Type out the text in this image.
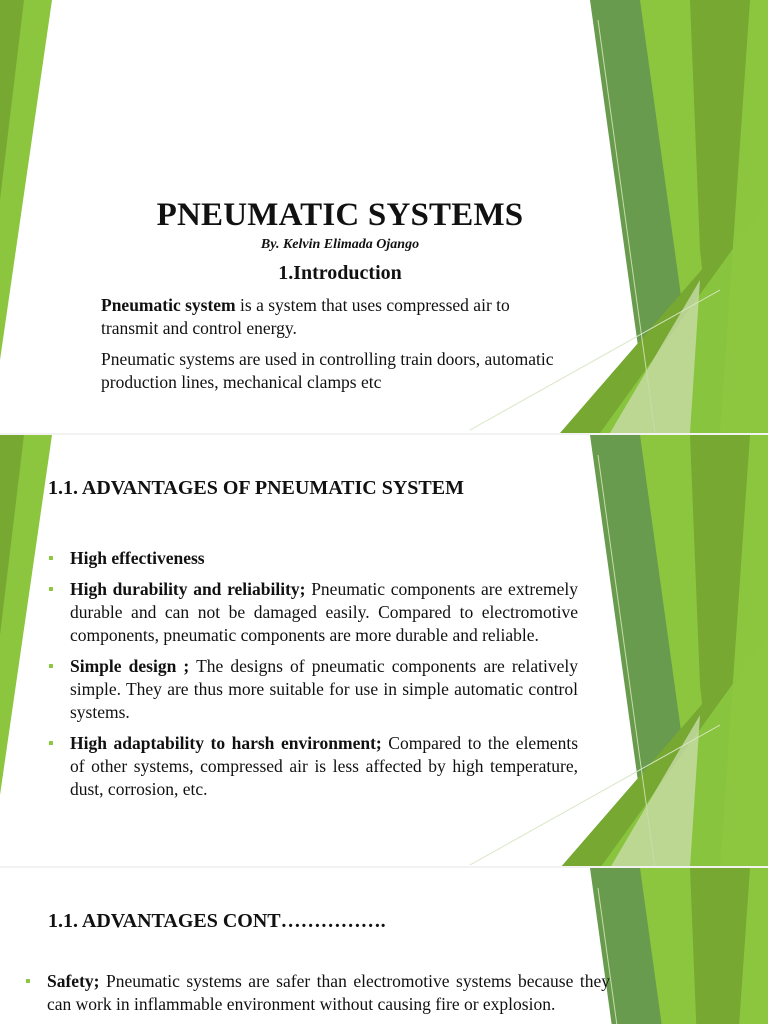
PNEUMATIC SYSTEMS
By. Kelvin Elimada Ojango
1.Introduction
Pneumatic system is a system that uses compressed air to transmit and control energy.
Pneumatic systems are used in controlling train doors, automatic production lines, mechanical clamps etc
1.1. ADVANTAGES OF PNEUMATIC SYSTEM
▪ High effectiveness
▪ High durability and reliability; Pneumatic components are extremely durable and can not be damaged easily. Compared to electromotive components, pneumatic components are more durable and reliable.
▪ Simple design ; The designs of pneumatic components are relatively simple. They are thus more suitable for use in simple automatic control systems.
▪ High adaptability to harsh environment; Compared to the elements of other systems, compressed air is less affected by high temperature, dust, corrosion, etc.
1.1. ADVANTAGES CONT…………….
▪ Safety; Pneumatic systems are safer than electromotive systems because they can work in inflammable environment without causing fire or explosion.
